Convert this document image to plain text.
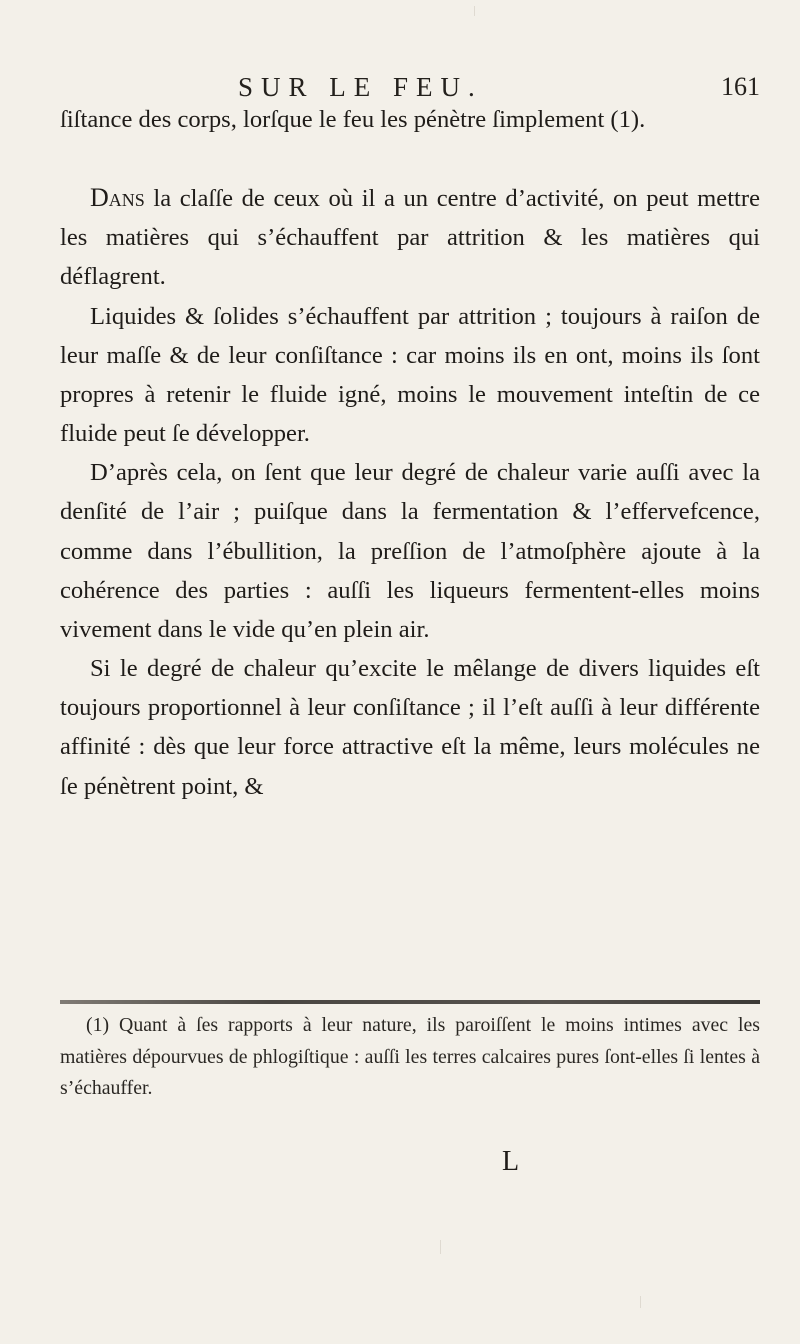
SUR LE FEU.	161

ſiſtance des corps, lorſque le feu les pénètre ſimplement (1).

Dans la claſſe de ceux où il a un centre d’activité, on peut mettre les matières qui s’échauffent par attrition & les matières qui déflagrent.

Liquides & ſolides s’échauffent par attrition ; toujours à raiſon de leur maſſe & de leur conſiſtance : car moins ils en ont, moins ils ſont propres à retenir le fluide igné, moins le mouvement inteſtin de ce fluide peut ſe développer.

D’après cela, on ſent que leur degré de chaleur varie auſſi avec la denſité de l’air ; puiſque dans la fermentation & l’effervefcence, comme dans l’ébullition, la preſſion de l’atmoſphère ajoute à la cohérence des parties : auſſi les liqueurs fermentent-elles moins vivement dans le vide qu’en plein air.

Si le degré de chaleur qu’excite le mêlange de divers liquides eſt toujours proportionnel à leur conſiſtance ; il l’eſt auſſi à leur différente affinité : dès que leur force attractive eſt la même, leurs molécules ne ſe pénètrent point, &

(1) Quant à ſes rapports à leur nature, ils paroiſſent le moins intimes avec les matières dépourvues de phlogiſtique : auſſi les terres calcaires pures ſont-elles ſi lentes à s’échauffer.

L
